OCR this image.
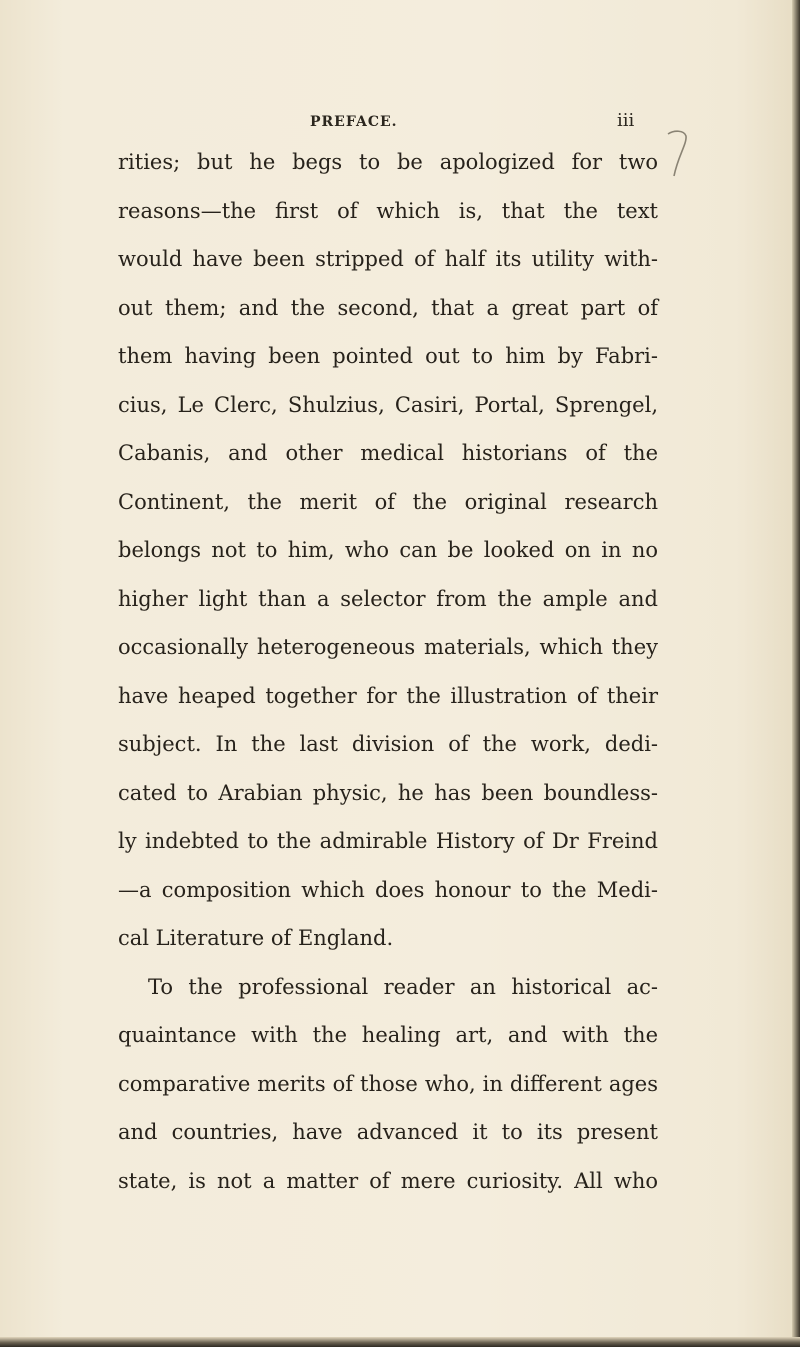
PREFACE.	iii
rities; but he begs to be apologized for two
reasons—the first of which is, that the text
would have been stripped of half its utility with-
out them; and the second, that a great part of
them having been pointed out to him by Fabri-
cius, Le Clerc, Shulzius, Casiri, Portal, Sprengel,
Cabanis, and other medical historians of the
Continent, the merit of the original research
belongs not to him, who can be looked on in no
higher light than a selector from the ample and
occasionally heterogeneous materials, which they
have heaped together for the illustration of their
subject. In the last division of the work, dedi-
cated to Arabian physic, he has been boundless-
ly indebted to the admirable History of Dr Freind
—a composition which does honour to the Medi-
cal Literature of England.
To the professional reader an historical ac-
quaintance with the healing art, and with the
comparative merits of those who, in different ages
and countries, have advanced it to its present
state, is not a matter of mere curiosity. All who
